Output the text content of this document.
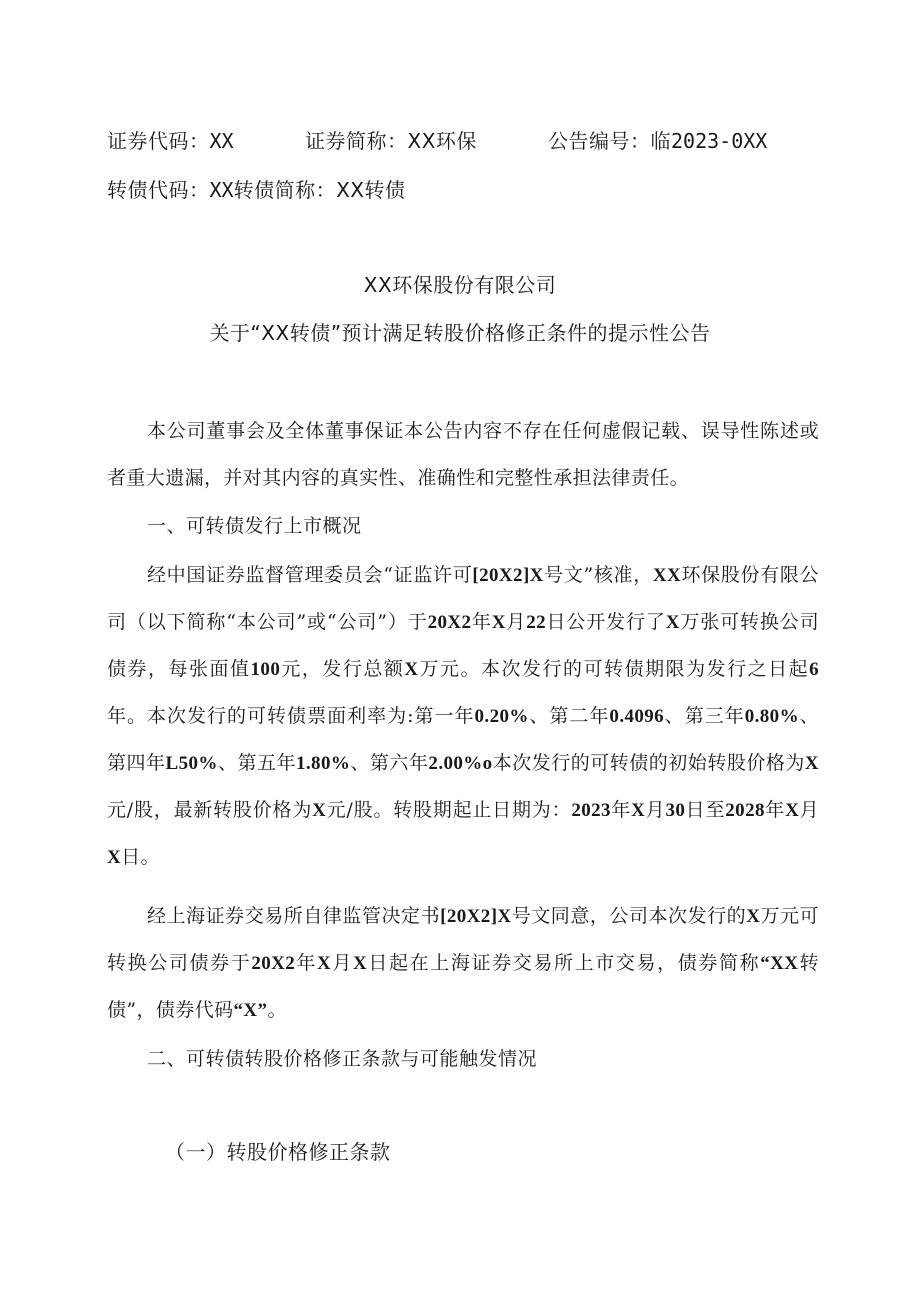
证券代码：XX	证券简称：XX环保	公告编号：临2023-0XX
转债代码：XX转债简称：XX转债
XX环保股份有限公司
关于“XX转债”预计满足转股价格修正条件的提示性公告
本公司董事会及全体董事保证本公告内容不存在任何虚假记载、误导性陈述或者重大遗漏，并对其内容的真实性、准确性和完整性承担法律责任。
一、可转债发行上市概况
经中国证券监督管理委员会“证监许可[20X2]X号文”核准，XX环保股份有限公司（以下简称“本公司”或“公司”）于20X2年X月22日公开发行了X万张可转换公司债券，每张面值100元，发行总额X万元。本次发行的可转债期限为发行之日起6年。本次发行的可转债票面利率为:第一年0.20%、第二年0.4096、第三年0.80%、第四年L50%、第五年1.80%、第六年2.00%o本次发行的可转债的初始转股价格为X元/股，最新转股价格为X元/股。转股期起止日期为：2023年X月30日至2028年X月X日。
经上海证券交易所自律监管决定书[20X2]X号文同意，公司本次发行的X万元可转换公司债券于20X2年X月X日起在上海证券交易所上市交易，债券简称“XX转债”，债券代码“X”。
二、可转债转股价格修正条款与可能触发情况
（一）转股价格修正条款
